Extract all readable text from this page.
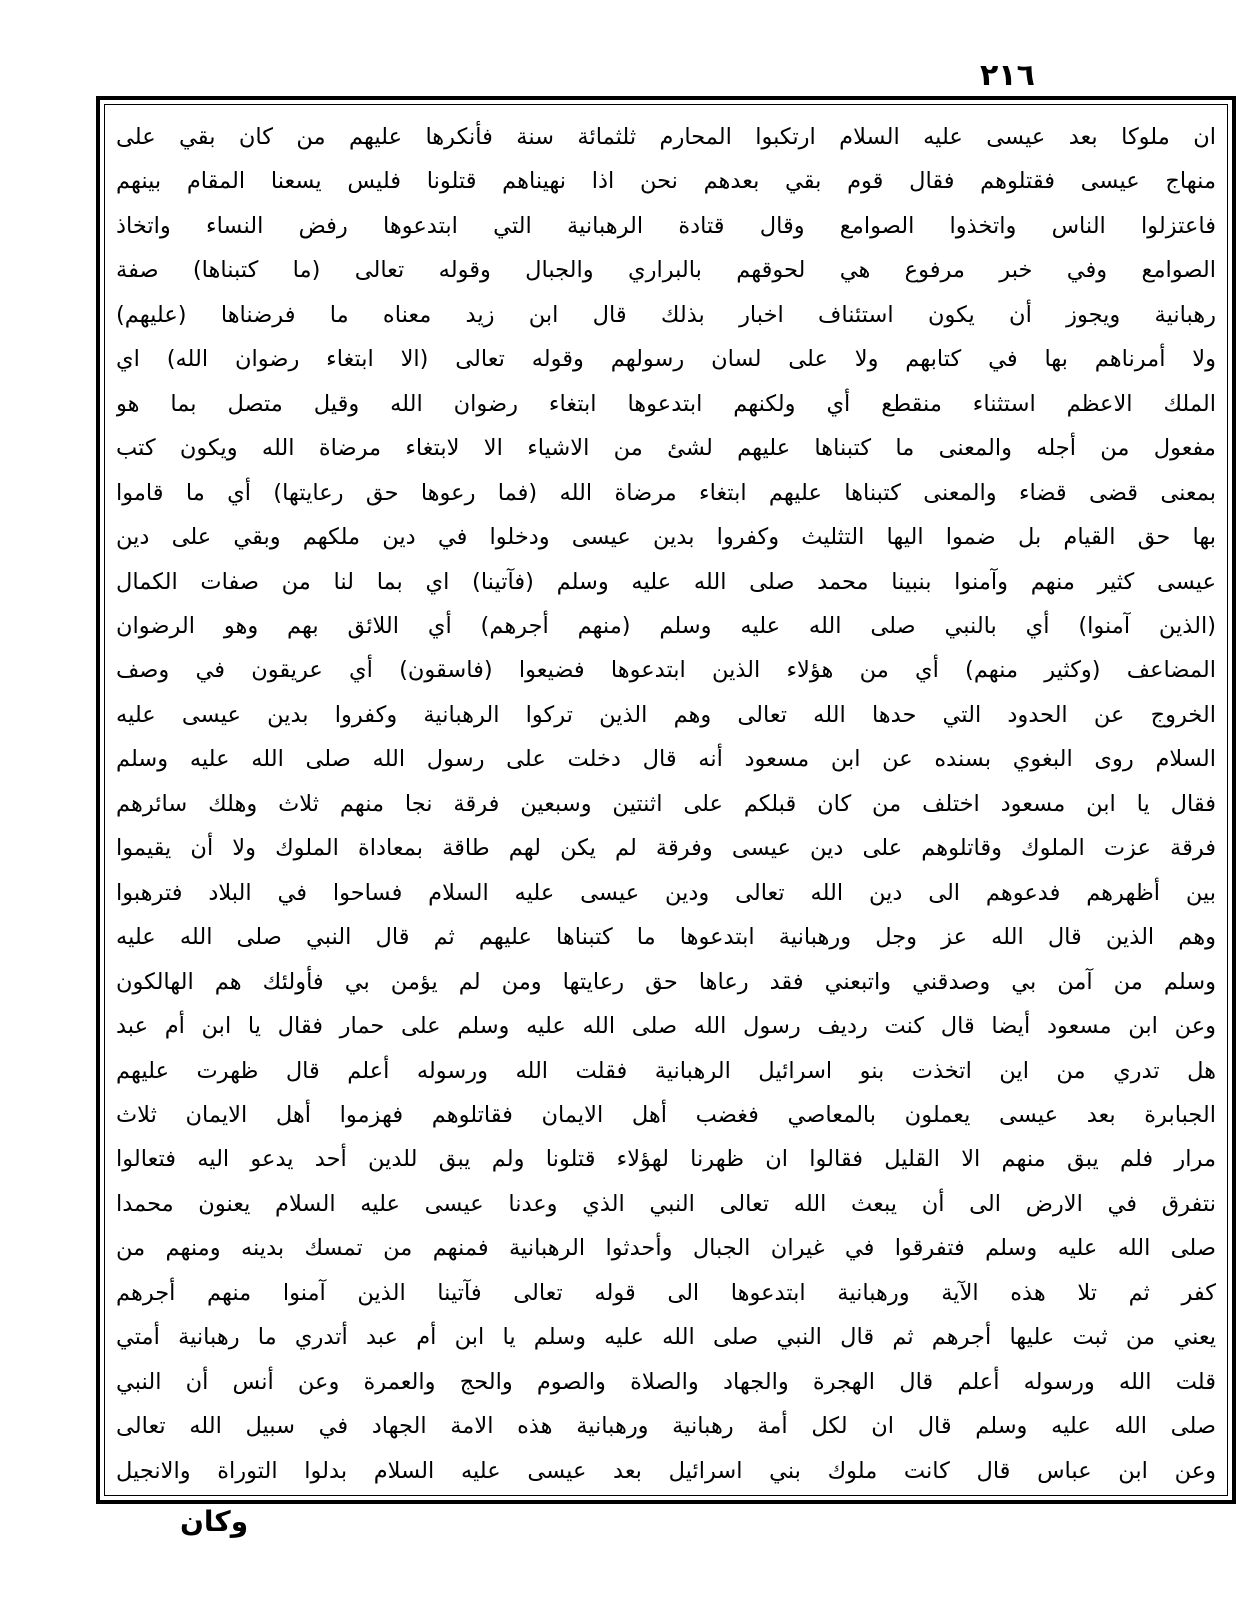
٢١٦
ان ملوكا بعد عيسى عليه السلام ارتكبوا المحارم ثلثمائة سنة فأنكرها عليهم من كان بقي على
منهاج عيسى فقتلوهم فقال قوم بقي بعدهم نحن اذا نهيناهم قتلونا فليس يسعنا المقام بينهم
فاعتزلوا الناس واتخذوا الصوامع وقال قتادة الرهبانية التي ابتدعوها رفض النساء واتخاذ
الصوامع وفي خبر مرفوع هي لحوقهم بالبراري والجبال وقوله تعالى (ما كتبناها) صفة
رهبانية ويجوز أن يكون استئناف اخبار بذلك قال ابن زيد معناه ما فرضناها (عليهم)
ولا أمرناهم بها في كتابهم ولا على لسان رسولهم وقوله تعالى (الا ابتغاء رضوان الله) اي
الملك الاعظم استثناء منقطع أي ولكنهم ابتدعوها ابتغاء رضوان الله وقيل متصل بما هو
مفعول من أجله والمعنى ما كتبناها عليهم لشئ من الاشياء الا لابتغاء مرضاة الله ويكون كتب
بمعنى قضى قضاء والمعنى كتبناها عليهم ابتغاء مرضاة الله (فما رعوها حق رعايتها) أي ما قاموا
بها حق القيام بل ضموا اليها التثليث وكفروا بدين عيسى ودخلوا في دين ملكهم وبقي على دين
عيسى كثير منهم وآمنوا بنبينا محمد صلى الله عليه وسلم (فآتينا) اي بما لنا من صفات الكمال
(الذين آمنوا) أي بالنبي صلى الله عليه وسلم (منهم أجرهم) أي اللائق بهم وهو الرضوان
المضاعف (وكثير منهم) أي من هؤلاء الذين ابتدعوها فضيعوا (فاسقون) أي عريقون في وصف
الخروج عن الحدود التي حدها الله تعالى وهم الذين تركوا الرهبانية وكفروا بدين عيسى عليه
السلام روى البغوي بسنده عن ابن مسعود أنه قال دخلت على رسول الله صلى الله عليه وسلم
فقال يا ابن مسعود اختلف من كان قبلكم على اثنتين وسبعين فرقة نجا منهم ثلاث وهلك سائرهم
فرقة عزت الملوك وقاتلوهم على دين عيسى وفرقة لم يكن لهم طاقة بمعاداة الملوك ولا أن يقيموا
بين أظهرهم فدعوهم الى دين الله تعالى ودين عيسى عليه السلام فساحوا في البلاد فترهبوا
وهم الذين قال الله عز وجل ورهبانية ابتدعوها ما كتبناها عليهم ثم قال النبي صلى الله عليه
وسلم من آمن بي وصدقني واتبعني فقد رعاها حق رعايتها ومن لم يؤمن بي فأولئك هم الهالكون
وعن ابن مسعود أيضا قال كنت رديف رسول الله صلى الله عليه وسلم على حمار فقال يا ابن أم عبد
هل تدري من اين اتخذت بنو اسرائيل الرهبانية فقلت الله ورسوله أعلم قال ظهرت عليهم
الجبابرة بعد عيسى يعملون بالمعاصي فغضب أهل الايمان فقاتلوهم فهزموا أهل الايمان ثلاث
مرار فلم يبق منهم الا القليل فقالوا ان ظهرنا لهؤلاء قتلونا ولم يبق للدين أحد يدعو اليه فتعالوا
نتفرق في الارض الى أن يبعث الله تعالى النبي الذي وعدنا عيسى عليه السلام يعنون محمدا
صلى الله عليه وسلم فتفرقوا في غيران الجبال وأحدثوا الرهبانية فمنهم من تمسك بدينه ومنهم من
كفر ثم تلا هذه الآية ورهبانية ابتدعوها الى قوله تعالى فآتينا الذين آمنوا منهم أجرهم
يعني من ثبت عليها أجرهم ثم قال النبي صلى الله عليه وسلم يا ابن أم عبد أتدري ما رهبانية أمتي
قلت الله ورسوله أعلم قال الهجرة والجهاد والصلاة والصوم والحج والعمرة وعن أنس أن النبي
صلى الله عليه وسلم قال ان لكل أمة رهبانية ورهبانية هذه الامة الجهاد في سبيل الله تعالى
وعن ابن عباس قال كانت ملوك بني اسرائيل بعد عيسى عليه السلام بدلوا التوراة والانجيل
وكان
